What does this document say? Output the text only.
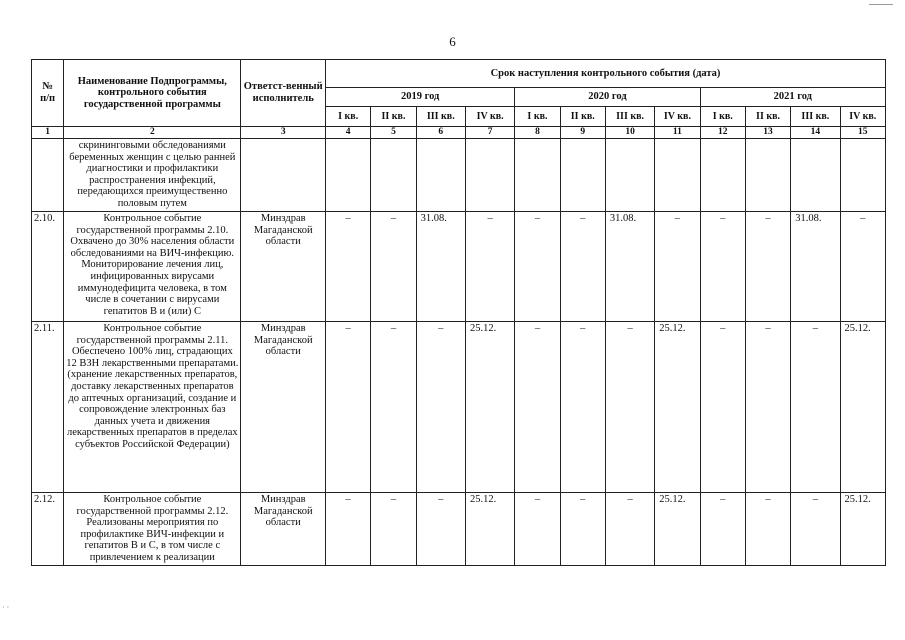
6
№
п/п	Наименование Подпрограммы, контрольного события государственной программы	Ответст-венный исполнитель	Срок наступления контрольного события (дата)											
			2019 год				2020 год				2021 год			
			I кв.	II кв.	III кв.	IV кв.	I кв.	II кв.	III кв.	IV кв.	I кв.	II кв.	III кв.	IV кв.
1	2	3	4	5	6	7	8	9	10	11	12	13	14	15
	скрининговыми обследованиями беременных женщин с целью ранней диагностики и профилактики распространения инфекций, передающихся преимущественно половым путем													
2.10.	Контрольное событие государственной программы 2.10. Охвачено до 30% населения области обследованиями на ВИЧ-инфекцию. Мониторирование лечения лиц, инфицированных вирусами иммунодефицита человека, в том числе в сочетании с вирусами гепатитов В и (или) С	Минздрав Магаданской области	–	–	31.08.	–	–	–	31.08.	–	–	–	31.08.	–
2.11.	Контрольное событие государственной программы 2.11. Обеспечено 100% лиц, страдающих 12 ВЗН лекарственными препаратами. (хранение лекарственных препаратов, доставку лекарственных препаратов до аптечных организаций, создание и сопровождение электронных баз данных учета и движения лекарственных препаратов в пределах субъектов Российской Федерации)	Минздрав Магаданской области	–	–	–	25.12.	–	–	–	25.12.	–	–	–	25.12.
2.12.	Контрольное событие государственной программы 2.12. Реализованы мероприятия по профилактике ВИЧ-инфекции и гепатитов В и С, в том числе с привлечением к реализации	Минздрав Магаданской области	–	–	–	25.12.	–	–	–	25.12.	–	–	–	25.12.
· ·
